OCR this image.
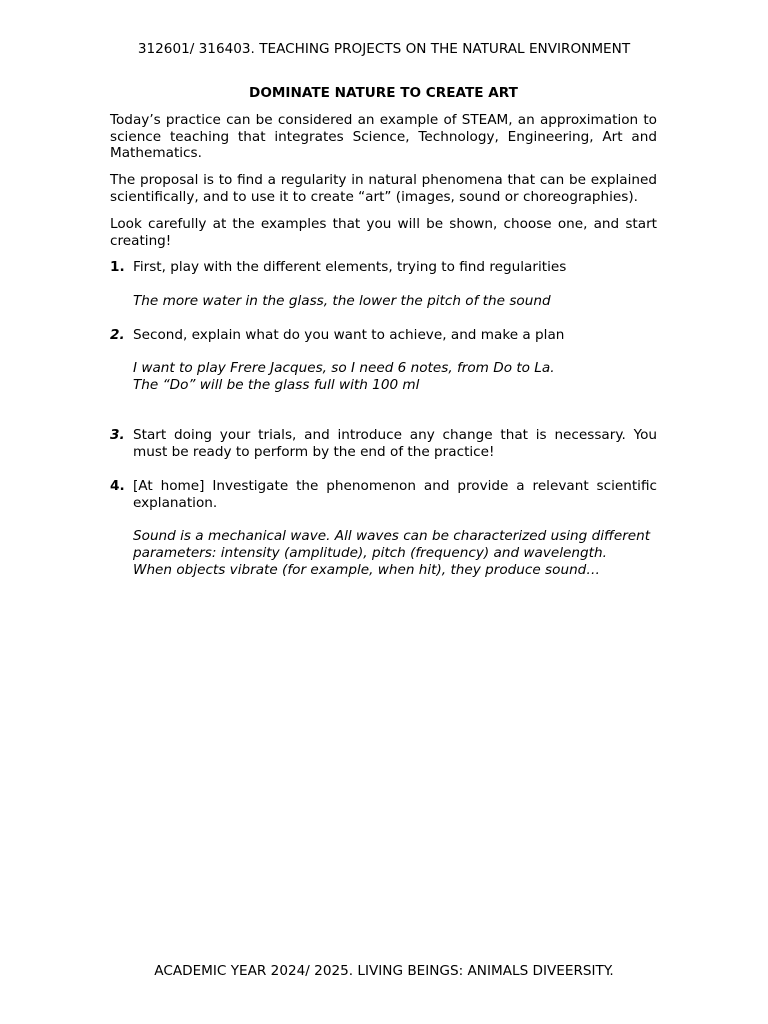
312601/ 316403. TEACHING PROJECTS ON THE NATURAL ENVIRONMENT
DOMINATE NATURE TO CREATE ART

Today’s practice can be considered an example of STEAM, an approximation to science teaching that integrates Science, Technology, Engineering, Art and Mathematics.

The proposal is to find a regularity in natural phenomena that can be explained scientifically, and to use it to create “art” (images, sound or choreographies).

Look carefully at the examples that you will be shown, choose one, and start creating!

1. First, play with the different elements, trying to find regularities

The more water in the glass, the lower the pitch of the sound

2. Second, explain what do you want to achieve, and make a plan

I want to play Frere Jacques, so I need 6 notes, from Do to La.

The “Do” will be the glass full with 100 ml

3. Start doing your trials, and introduce any change that is necessary. You must be ready to perform by the end of the practice!

4. [At home] Investigate the phenomenon and provide a relevant scientific explanation.

Sound is a mechanical wave. All waves can be characterized using different parameters: intensity (amplitude), pitch (frequency) and wavelength.

When objects vibrate (for example, when hit), they produce sound…

ACADEMIC YEAR 2024/ 2025. LIVING BEINGS: ANIMALS DIVEERSITY.
